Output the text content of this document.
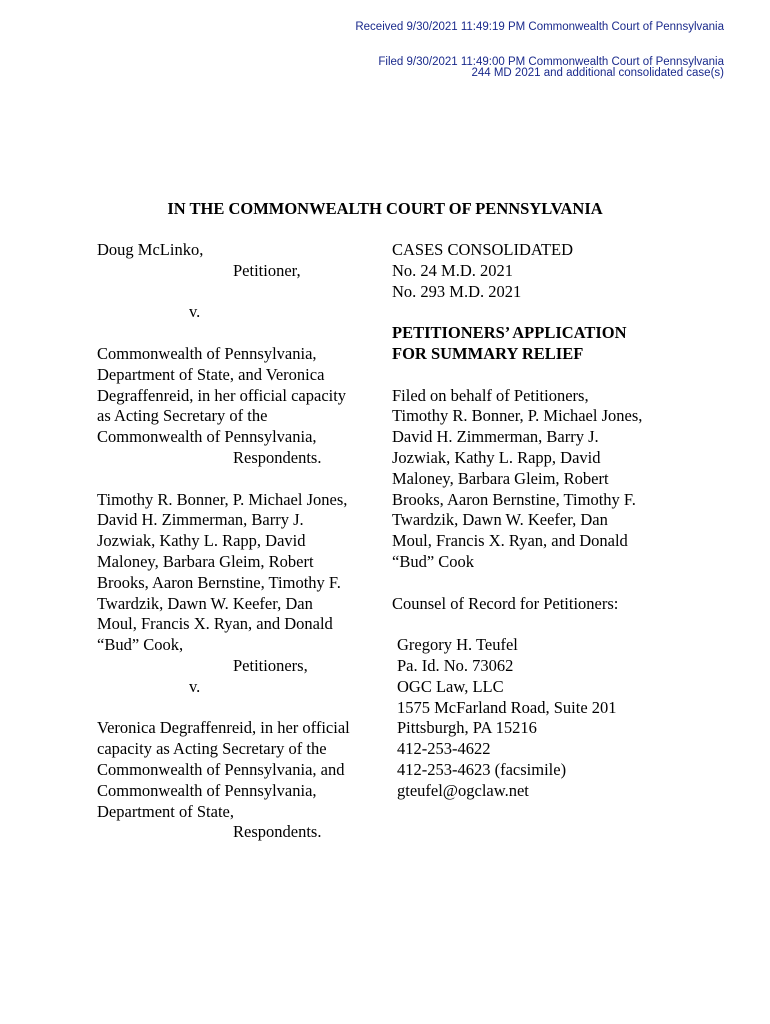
Received 9/30/2021 11:49:19 PM Commonwealth Court of Pennsylvania
Filed 9/30/2021 11:49:00 PM Commonwealth Court of Pennsylvania
244 MD 2021 and additional consolidated case(s)
IN THE COMMONWEALTH COURT OF PENNSYLVANIA
Doug McLinko,
Petitioner,
v.
Commonwealth of Pennsylvania,
Department of State, and Veronica
Degraffenreid, in her official capacity
as Acting Secretary of the
Commonwealth of Pennsylvania,
Respondents.
Timothy R. Bonner, P. Michael Jones,
David H. Zimmerman, Barry J.
Jozwiak, Kathy L. Rapp, David
Maloney, Barbara Gleim, Robert
Brooks, Aaron Bernstine, Timothy F.
Twardzik, Dawn W. Keefer, Dan
Moul, Francis X. Ryan, and Donald
“Bud” Cook,
Petitioners,
v.
Veronica Degraffenreid, in her official
capacity as Acting Secretary of the
Commonwealth of Pennsylvania, and
Commonwealth of Pennsylvania,
Department of State,
Respondents.
CASES CONSOLIDATED
No. 24 M.D. 2021
No. 293 M.D. 2021
PETITIONERS’ APPLICATION
FOR SUMMARY RELIEF
Filed on behalf of Petitioners,
Timothy R. Bonner, P. Michael Jones,
David H. Zimmerman, Barry J.
Jozwiak, Kathy L. Rapp, David
Maloney, Barbara Gleim, Robert
Brooks, Aaron Bernstine, Timothy F.
Twardzik, Dawn W. Keefer, Dan
Moul, Francis X. Ryan, and Donald
“Bud” Cook
Counsel of Record for Petitioners:
Gregory H. Teufel
Pa. Id. No. 73062
OGC Law, LLC
1575 McFarland Road, Suite 201
Pittsburgh, PA 15216
412-253-4622
412-253-4623 (facsimile)
gteufel@ogclaw.net
